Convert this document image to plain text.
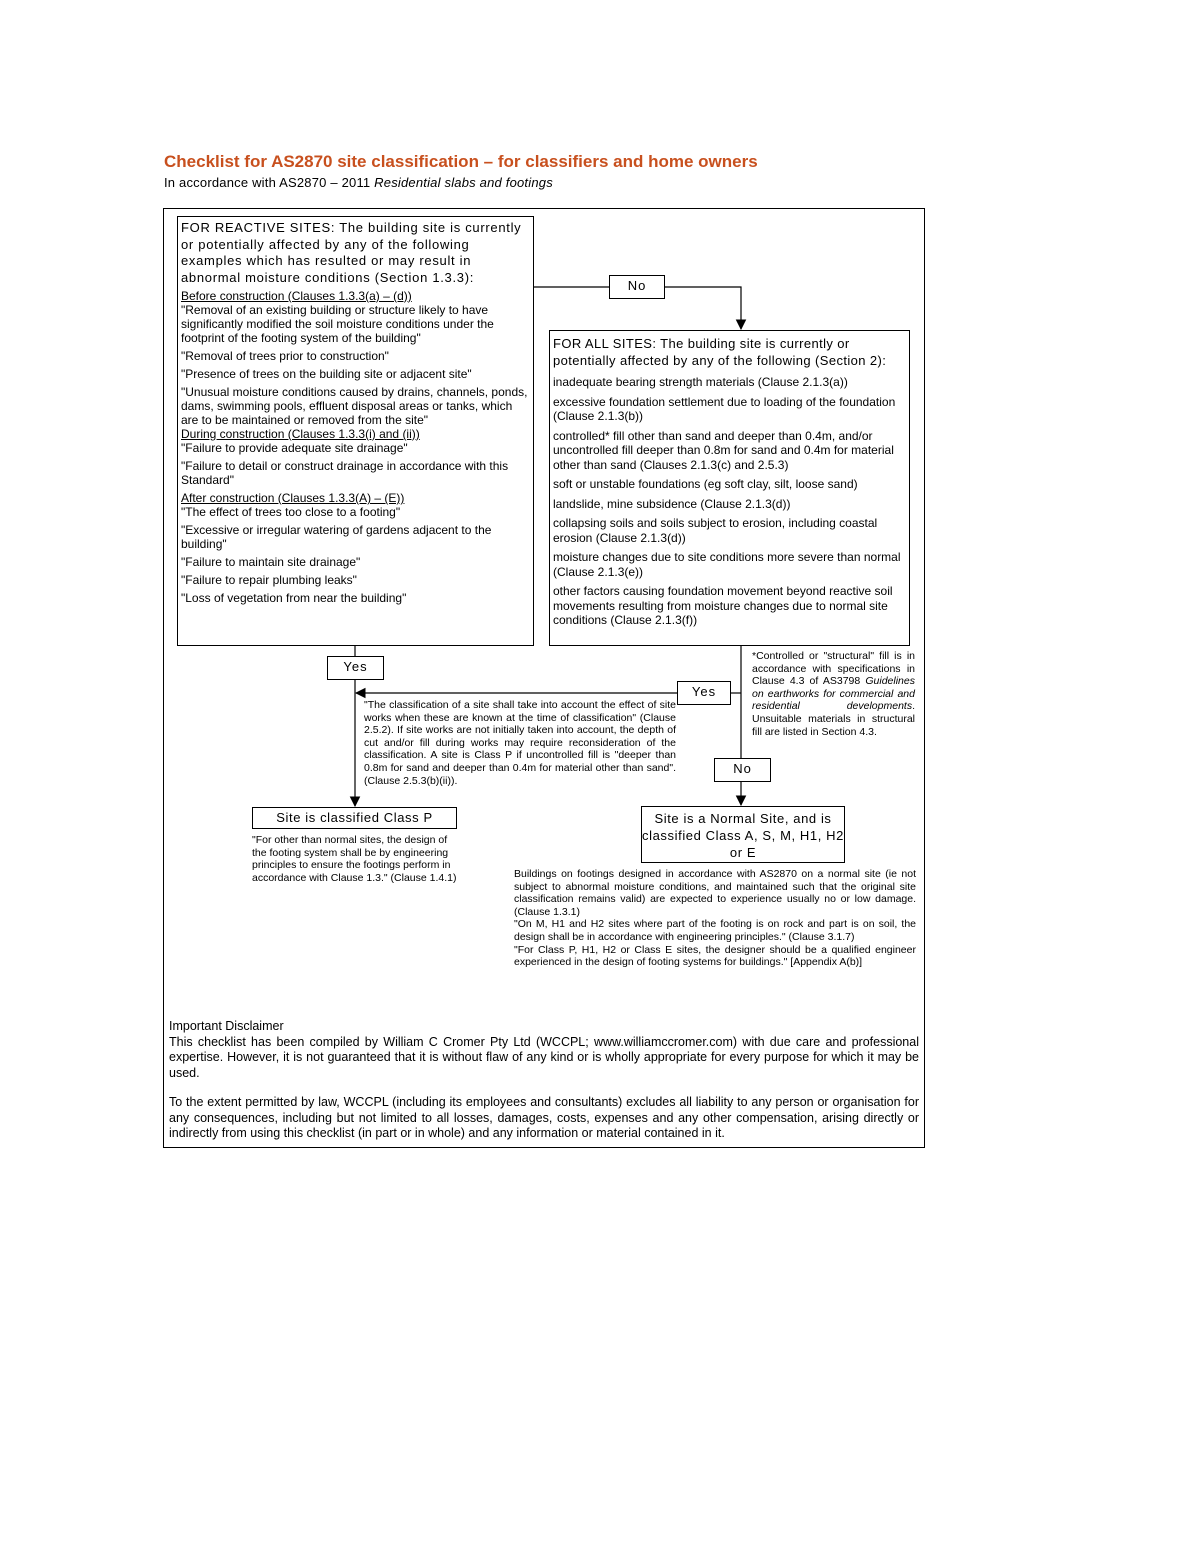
Checklist for AS2870 site classification – for classifiers and home owners
In accordance with AS2870 – 2011 Residential slabs and footings
FOR REACTIVE SITES: The building site is currently or potentially affected by any of the following examples which has resulted or may result in abnormal moisture conditions (Section 1.3.3):
Before construction (Clauses 1.3.3(a) – (d))
"Removal of an existing building or structure likely to have significantly modified the soil moisture conditions under the footprint of the footing system of the building"
"Removal of trees prior to construction"
"Presence of trees on the building site or adjacent site"
"Unusual moisture conditions caused by drains, channels, ponds, dams, swimming pools, effluent disposal areas or tanks, which are to be maintained or removed from the site"
During construction (Clauses 1.3.3(i) and (ii))
"Failure to provide adequate site drainage"
"Failure to detail or construct drainage in accordance with this Standard"
After construction (Clauses 1.3.3(A) – (E))
"The effect of trees too close to a footing"
"Excessive or irregular watering of gardens adjacent to the building"
"Failure to maintain site drainage"
"Failure to repair plumbing leaks"
"Loss of vegetation from near the building"
FOR ALL SITES: The building site is currently or potentially affected by any of the following (Section 2):
inadequate bearing strength materials (Clause 2.1.3(a))
excessive foundation settlement due to loading of the foundation (Clause 2.1.3(b))
controlled* fill other than sand and deeper than 0.4m, and/or uncontrolled fill deeper than 0.8m for sand and 0.4m for material other than sand (Clauses 2.1.3(c) and 2.5.3)
soft or unstable foundations (eg soft clay, silt, loose sand)
landslide, mine subsidence (Clause 2.1.3(d))
collapsing soils and soils subject to erosion, including coastal erosion (Clause 2.1.3(d))
moisture changes due to site conditions more severe than normal (Clause 2.1.3(e))
other factors causing foundation movement beyond reactive soil movements resulting from moisture changes due to normal site conditions (Clause 2.1.3(f))
No
Yes
Yes
No
*Controlled or "structural" fill is in accordance with specifications in Clause 4.3 of AS3798 Guidelines on earthworks for commercial and residential developments. Unsuitable materials in structural fill are listed in Section 4.3.
"The classification of a site shall take into account the effect of site works when these are known at the time of classification" (Clause 2.5.2). If site works are not initially taken into account, the depth of cut and/or fill during works may require reconsideration of the classification. A site is Class P if uncontrolled fill is "deeper than 0.8m for sand and deeper than 0.4m for material other than sand". (Clause 2.5.3(b)(ii)).
Site is classified Class P
"For other than normal sites, the design of the footing system shall be by engineering principles to ensure the footings perform in accordance with Clause 1.3." (Clause 1.4.1)
Site is a Normal Site, and is classified Class A, S, M, H1, H2 or E
Buildings on footings designed in accordance with AS2870 on a normal site (ie not subject to abnormal moisture conditions, and maintained such that the original site classification remains valid) are expected to experience usually no or low damage. (Clause 1.3.1)
"On M, H1 and H2 sites where part of the footing is on rock and part is on soil, the design shall be in accordance with engineering principles." (Clause 3.1.7)
"For Class P, H1, H2 or Class E sites, the designer should be a qualified engineer experienced in the design of footing systems for buildings." [Appendix A(b)]

Important Disclaimer

This checklist has been compiled by William C Cromer Pty Ltd (WCCPL; www.williamccromer.com) with due care and professional expertise. However, it is not guaranteed that it is without flaw of any kind or is wholly appropriate for every purpose for which it may be used.

To the extent permitted by law, WCCPL (including its employees and consultants) excludes all liability to any person or organisation for any consequences, including but not limited to all losses, damages, costs, expenses and any other compensation, arising directly or indirectly from using this checklist (in part or in whole) and any information or material contained in it.
